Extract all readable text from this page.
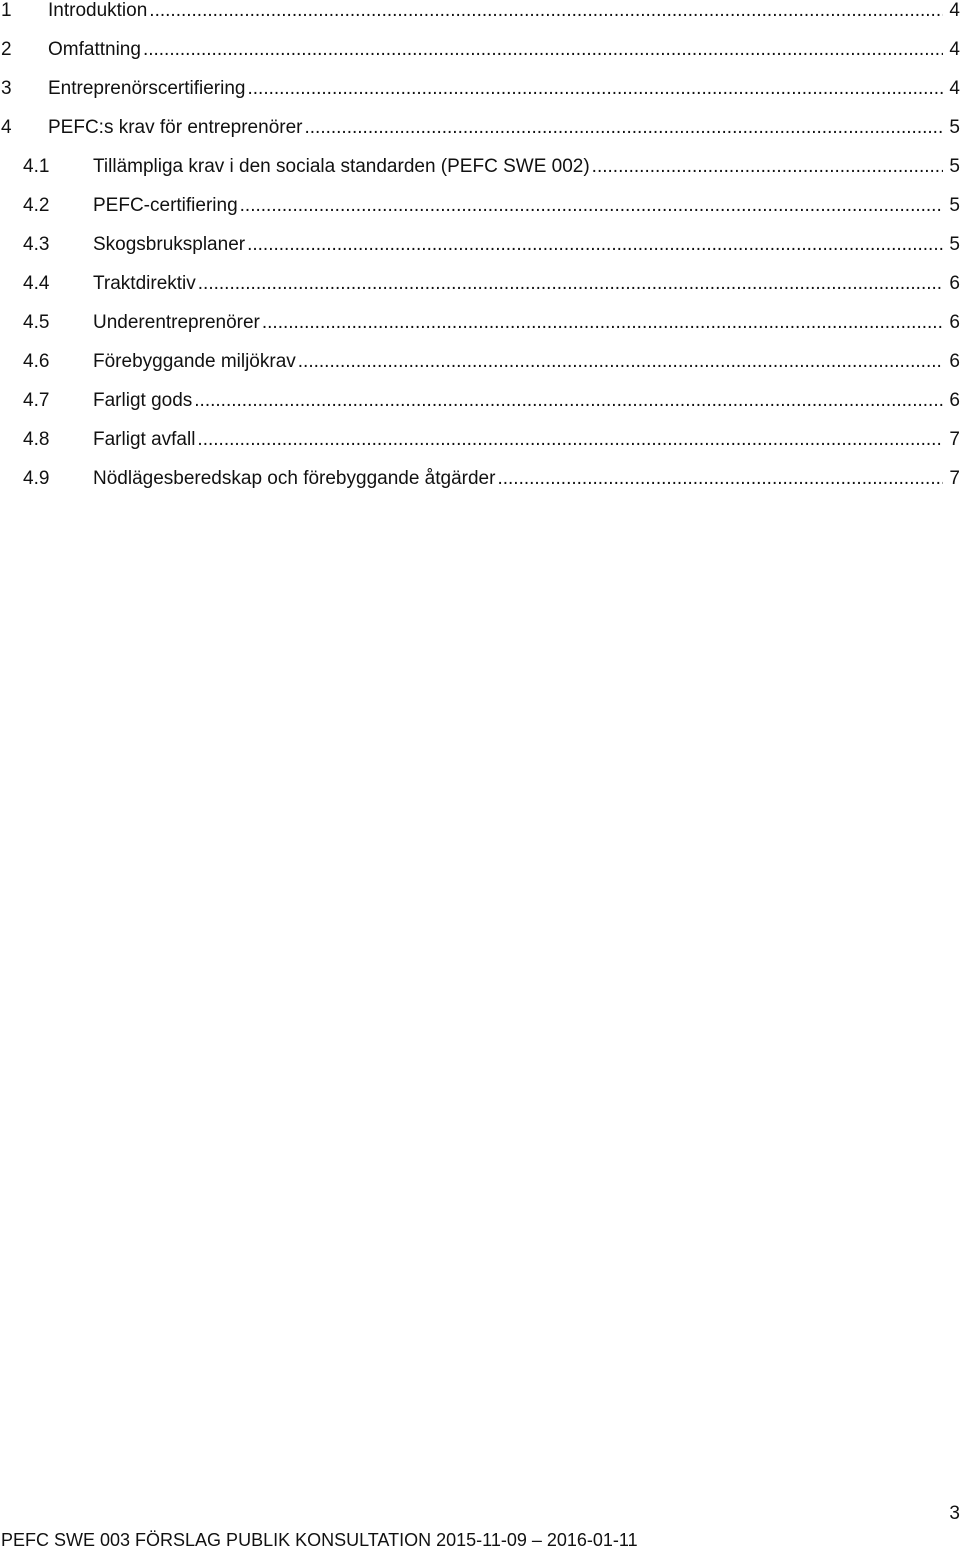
1	Introduktion .....	4
2	Omfattning .....	4
3	Entreprenörscertifiering .....	4
4	PEFC:s krav för entreprenörer .....	5
4.1	Tillämpliga krav i den sociala standarden (PEFC SWE 002) .....	5
4.2	PEFC-certifiering .....	5
4.3	Skogsbruksplaner .....	5
4.4	Traktdirektiv .....	6
4.5	Underentreprenörer .....	6
4.6	Förebyggande miljökrav .....	6
4.7	Farligt gods .....	6
4.8	Farligt avfall .....	7
4.9	Nödlägesberedskap och förebyggande åtgärder .....	7
3
PEFC SWE 003 FÖRSLAG PUBLIK KONSULTATION 2015-11-09 – 2016-01-11
